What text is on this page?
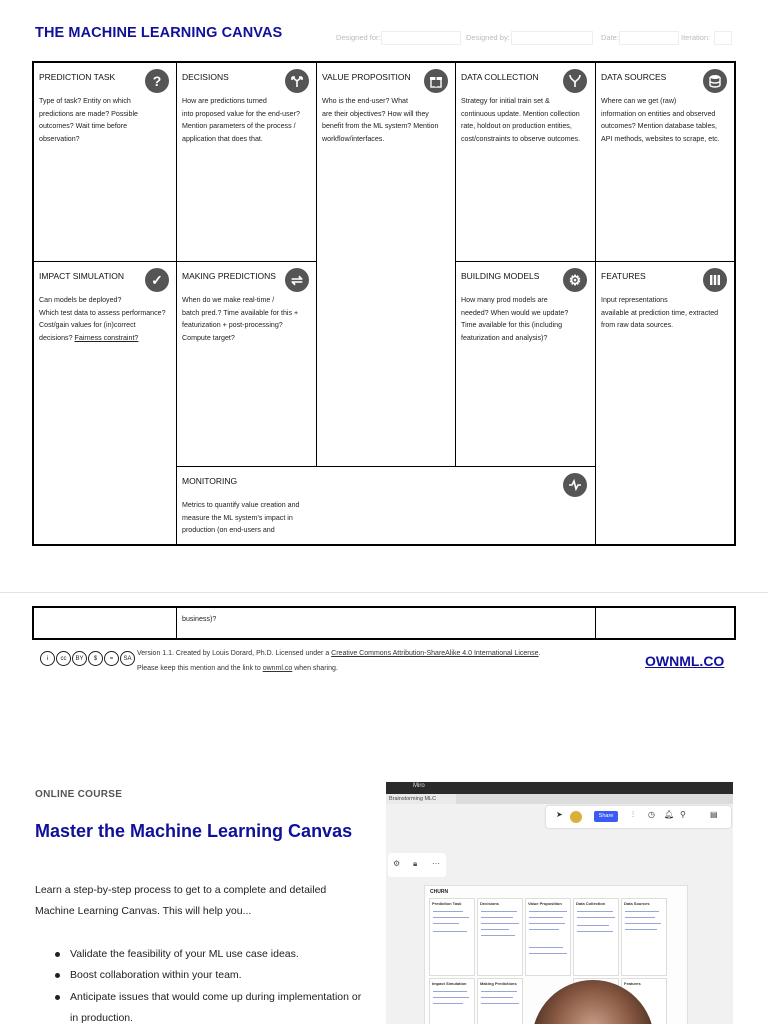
THE MACHINE LEARNING CANVAS	Designed for:	Designed by:	Date:	Iteration:
PREDICTION TASK	?
Type of task? Entity on which
predictions are made? Possible
outcomes? Wait time before
observation?
DECISIONS
How are predictions turned
into proposed value for the end-user?
Mention parameters of the process /
application that does that.
VALUE PROPOSITION
Who is the end-user? What
are their objectives? How will they
benefit from the ML system? Mention
workflow/interfaces.
DATA COLLECTION
Strategy for initial train set &
continuous update. Mention collection
rate, holdout on production entities,
cost/constraints to observe outcomes.
DATA SOURCES
Where can we get (raw)
information on entities and observed
outcomes? Mention database tables,
API methods, websites to scrape, etc.
IMPACT SIMULATION	✓
Can models be deployed?
Which test data to assess performance?
Cost/gain values for (in)correct
decisions? Fairness constraint?
MAKING PREDICTIONS	⇌
When do we make real-time /
batch pred.? Time available for this +
featurization + post-processing?
Compute target?
BUILDING MODELS	⚙
How many prod models are
needed? When would we update?
Time available for this (including
featurization and analysis)?
FEATURES
Input representations
available at prediction time, extracted
from raw data sources.
MONITORING
Metrics to quantify value creation and
measure the ML system’s impact in
production (on end-users and
business)?
i	cc	BY	$	=	SA
Version 1.1. Created by Louis Dorard, Ph.D. Licensed under a Creative Commons Attribution-ShareAlike 4.0 International License.
Please keep this mention and the link to ownml.co when sharing.	OWNML.CO
ONLINE COURSE
Master the Machine Learning Canvas
Learn a step-by-step process to get to a complete and detailed Machine Learning Canvas. This will help you...
Validate the feasibility of your ML use case ideas.
Boost collaboration within your team.
Anticipate issues that would come up during implementation or in production.
Miro
Brainstorming MLC
➤	Share	⫶ ◷ 🔔︎ ⚲	▤
⚙ 🔒︎ ⋯
CHURN
Prediction Task	Decisions	Value Proposition	Data Collection	Data Sources
Impact Simulation	Making Predictions	Features
